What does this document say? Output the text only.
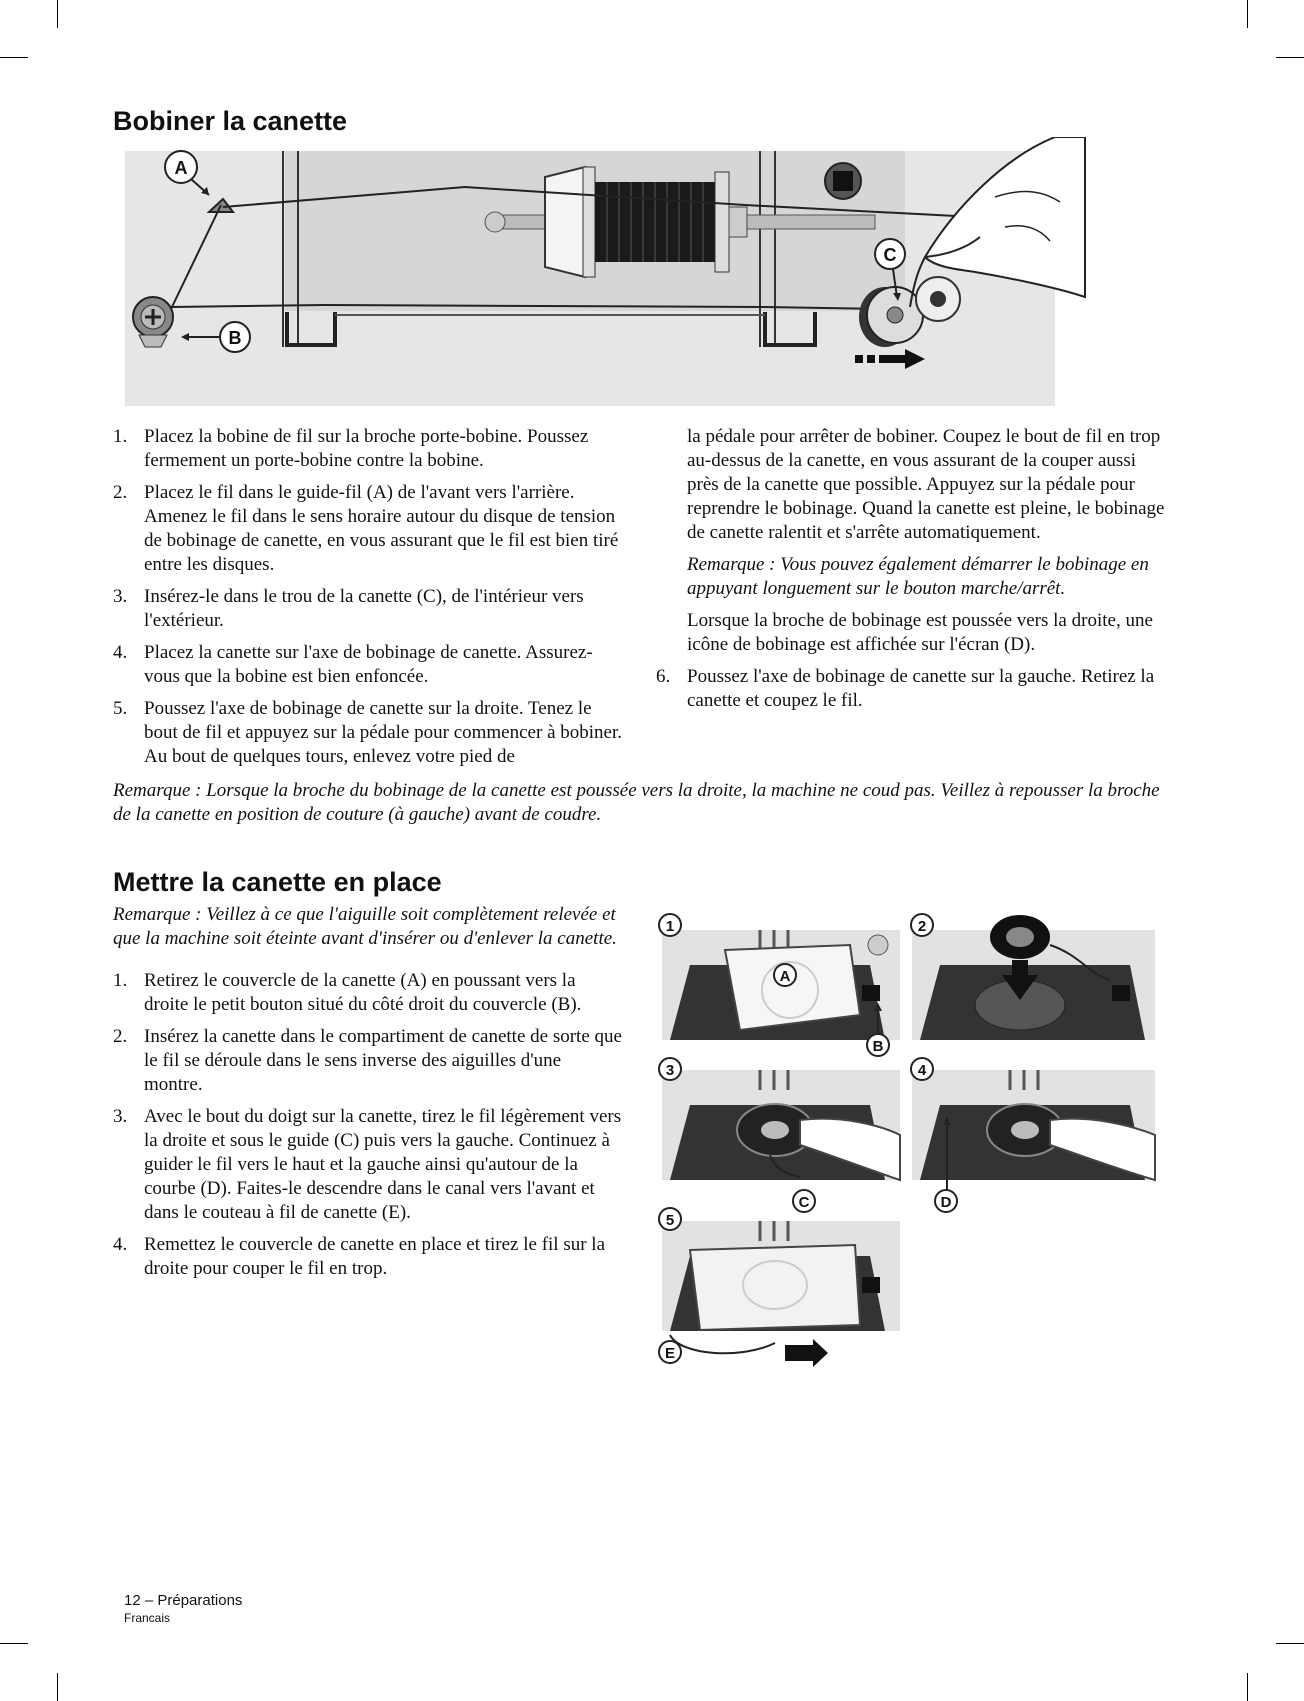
Bobiner la canette
A
B
C
1. Placez la bobine de fil sur la broche porte-bobine. Poussez fermement un porte-bobine contre la bobine.
2. Placez le fil dans le guide-fil (A) de l'avant vers l'arrière. Amenez le fil dans le sens horaire autour du disque de tension de bobinage de canette, en vous assurant que le fil est bien tiré entre les disques.
3. Insérez-le dans le trou de la canette (C), de l'intérieur vers l'extérieur.
4. Placez la canette sur l'axe de bobinage de canette. Assurez-vous que la bobine est bien enfoncée.
5. Poussez l'axe de bobinage de canette sur la droite. Tenez le bout de fil et appuyez sur la pédale pour commencer à bobiner. Au bout de quelques tours, enlevez votre pied de

la pédale pour arrêter de bobiner. Coupez le bout de fil en trop au-dessus de la canette, en vous assurant de la couper aussi près de la canette que possible. Appuyez sur la pédale pour reprendre le bobinage. Quand la canette est pleine, le bobinage de canette ralentit et s'arrête automatiquement.

Remarque : Vous pouvez également démarrer le bobinage en appuyant longuement sur le bouton marche/arrêt.

Lorsque la broche de bobinage est poussée vers la droite, une icône de bobinage est affichée sur l'écran (D).

6. Poussez l'axe de bobinage de canette sur la gauche. Retirez la canette et coupez le fil.
Remarque : Lorsque la broche du bobinage de la canette est poussée vers la droite, la machine ne coud pas. Veillez à repousser la broche de la canette en position de couture (à gauche) avant de coudre.
Mettre la canette en place

Remarque : Veillez à ce que l'aiguille soit complètement relevée et que la machine soit éteinte avant d'insérer ou d'enlever la canette.

1. Retirez le couvercle de la canette (A) en poussant vers la droite le petit bouton situé du côté droit du couvercle (B).
2. Insérez la canette dans le compartiment de canette de sorte que le fil se déroule dans le sens inverse des aiguilles d'une montre.
3. Avec le bout du doigt sur la canette, tirez le fil légèrement vers la droite et sous le guide (C) puis vers la gauche. Continuez à guider le fil vers le haut et la gauche ainsi qu'autour de la courbe (D). Faites-le descendre dans le canal vers l'avant et dans le couteau à fil de canette (E).
4. Remettez le couvercle de canette en place et tirez le fil sur la droite pour couper le fil en trop.
A
B
1	2
3
C
4
D
5
E
12 – Préparations
Francais
